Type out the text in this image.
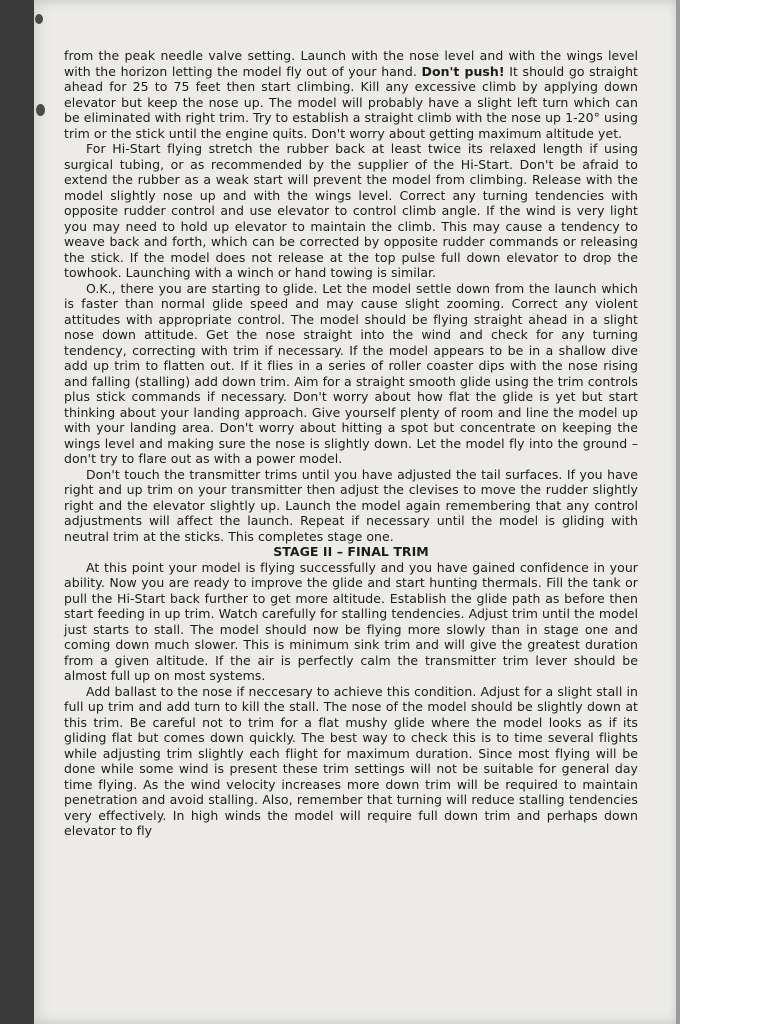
from the peak needle valve setting. Launch with the nose level and with the wings level with the horizon letting the model fly out of your hand. Don't push! It should go straight ahead for 25 to 75 feet then start climbing. Kill any excessive climb by applying down elevator but keep the nose up. The model will probably have a slight left turn which can be eliminated with right trim. Try to establish a straight climb with the nose up 1-20° using trim or the stick until the engine quits. Don't worry about getting maximum altitude yet.

For Hi-Start flying stretch the rubber back at least twice its relaxed length if using surgical tubing, or as recommended by the supplier of the Hi-Start. Don't be afraid to extend the rubber as a weak start will prevent the model from climbing. Release with the model slightly nose up and with the wings level. Correct any turning tendencies with opposite rudder control and use elevator to control climb angle. If the wind is very light you may need to hold up elevator to maintain the climb. This may cause a tendency to weave back and forth, which can be corrected by opposite rudder commands or releasing the stick. If the model does not release at the top pulse full down elevator to drop the towhook. Launching with a winch or hand towing is similar.

O.K., there you are starting to glide. Let the model settle down from the launch which is faster than normal glide speed and may cause slight zooming. Correct any violent attitudes with appropriate control. The model should be flying straight ahead in a slight nose down attitude. Get the nose straight into the wind and check for any turning tendency, correcting with trim if necessary. If the model appears to be in a shallow dive add up trim to flatten out. If it flies in a series of roller coaster dips with the nose rising and falling (stalling) add down trim. Aim for a straight smooth glide using the trim controls plus stick commands if necessary. Don't worry about how flat the glide is yet but start thinking about your landing approach. Give yourself plenty of room and line the model up with your landing area. Don't worry about hitting a spot but concentrate on keeping the wings level and making sure the nose is slightly down. Let the model fly into the ground – don't try to flare out as with a power model.

Don't touch the transmitter trims until you have adjusted the tail surfaces. If you have right and up trim on your transmitter then adjust the clevises to move the rudder slightly right and the elevator slightly up. Launch the model again remembering that any control adjustments will affect the launch. Repeat if necessary until the model is gliding with neutral trim at the sticks. This completes stage one.

STAGE II – FINAL TRIM

At this point your model is flying successfully and you have gained confidence in your ability. Now you are ready to improve the glide and start hunting thermals. Fill the tank or pull the Hi-Start back further to get more altitude. Establish the glide path as before then start feeding in up trim. Watch carefully for stalling tendencies. Adjust trim until the model just starts to stall. The model should now be flying more slowly than in stage one and coming down much slower. This is minimum sink trim and will give the greatest duration from a given altitude. If the air is perfectly calm the transmitter trim lever should be almost full up on most systems.

Add ballast to the nose if neccesary to achieve this condition. Adjust for a slight stall in full up trim and add turn to kill the stall. The nose of the model should be slightly down at this trim. Be careful not to trim for a flat mushy glide where the model looks as if its gliding flat but comes down quickly. The best way to check this is to time several flights while adjusting trim slightly each flight for maximum duration. Since most flying will be done while some wind is present these trim settings will not be suitable for general day time flying. As the wind velocity increases more down trim will be required to maintain penetration and avoid stalling. Also, remember that turning will reduce stalling tendencies very effectively. In high winds the model will require full down trim and perhaps down elevator to fly
